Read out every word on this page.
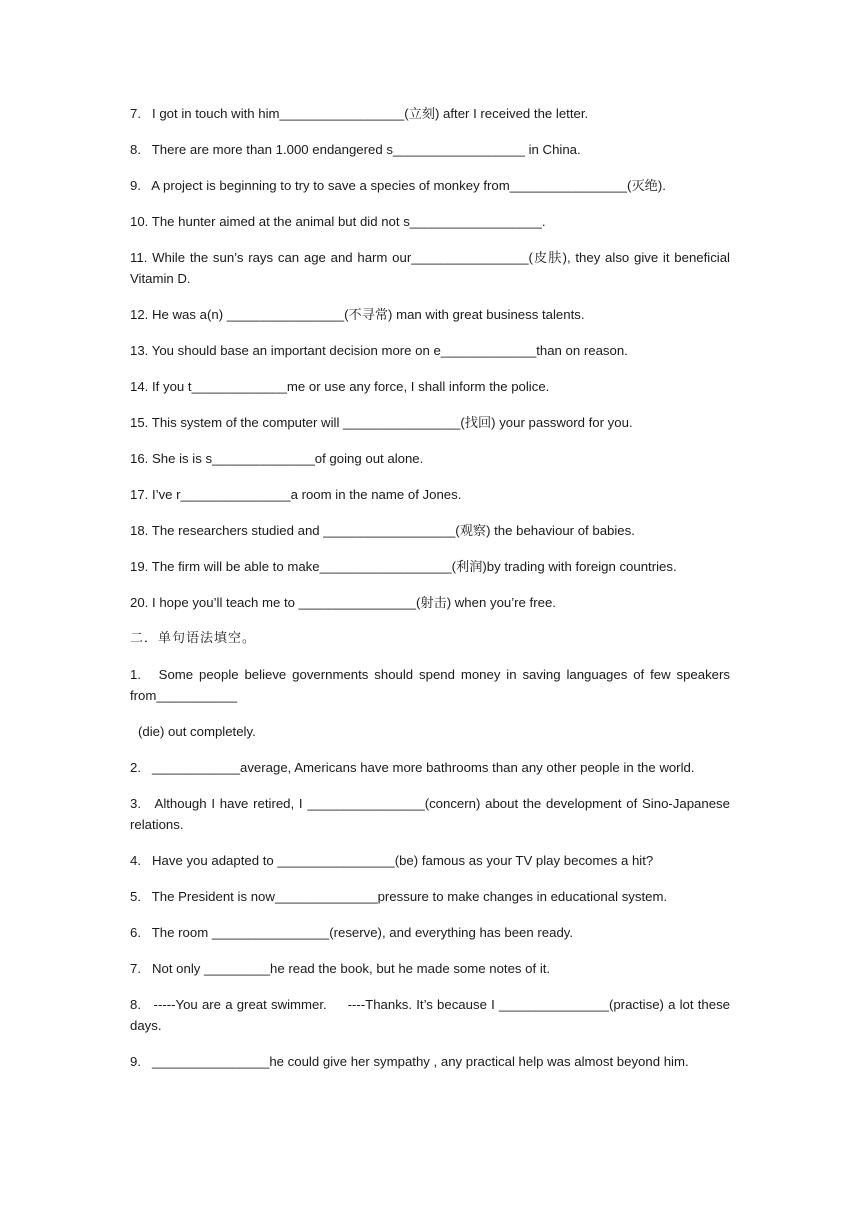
7.   I got in touch with him_________________(立刻) after I received the letter.

8.   There are more than 1.000 endangered s__________________ in China.

9.   A project is beginning to try to save a species of monkey from________________(灭绝).

10. The hunter aimed at the animal but did not s__________________.

11. While the sun’s rays can age and harm our________________(皮肤), they also give it beneficial Vitamin D.

12. He was a(n) ________________(不寻常) man with great business talents.

13. You should base an important decision more on e_____________than on reason.

14. If you t_____________me or use any force, I shall inform the police.

15. This system of the computer will ________________(找回) your password for you.

16. She is is s______________of going out alone.

17. I’ve r_______________a room in the name of Jones.

18. The researchers studied and __________________(观察) the behaviour of babies.

19. The firm will be able to make__________________(利润)by trading with foreign countries.

20. I hope you’ll teach me to ________________(射击) when you’re free.

二．单句语法填空。

1.   Some people believe governments should spend money in saving languages of few speakers from___________

(die) out completely.

2.   ____________average, Americans have more bathrooms than any other people in the world.

3.   Although I have retired, I ________________(concern) about the development of Sino-Japanese relations.

4.   Have you adapted to ________________(be) famous as your TV play becomes a hit?

5.   The President is now______________pressure to make changes in educational system.

6.   The room ________________(reserve), and everything has been ready.

7.   Not only _________he read the book, but he made some notes of it.

8.   -----You are a great swimmer.     ----Thanks. It’s because I _______________(practise) a lot these days.

9.   ________________he could give her sympathy , any practical help was almost beyond him.
